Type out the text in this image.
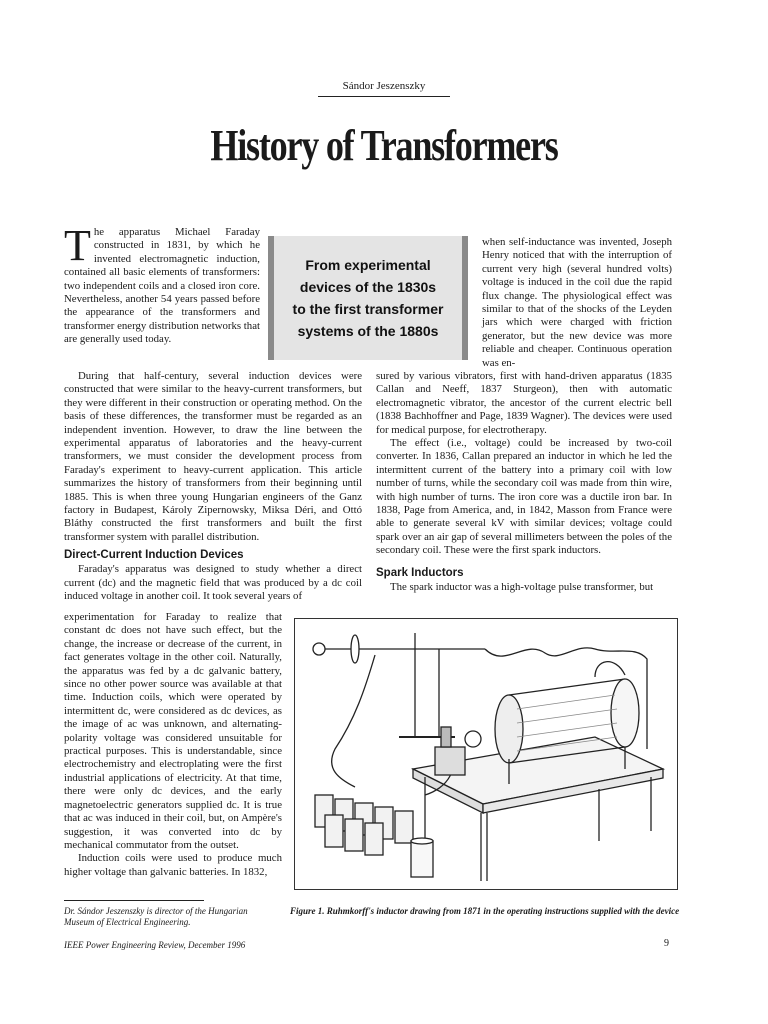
Sándor Jeszenszky
History of Transformers

The apparatus Michael Faraday constructed in 1831, by which he invented electromagnetic induction, contained all basic elements of transformers: two independent coils and a closed iron core. Nevertheless, another 54 years passed before the appearance of the transformers and transformer energy distribution networks that are generally used today.

From experimental
devices of the 1830s
to the first transformer
systems of the 1880s

when self-inductance was invented, Joseph Henry noticed that with the interruption of current very high (several hundred volts) voltage is induced in the coil due the rapid flux change. The physiological effect was similar to that of the shocks of the Leyden jars which were charged with friction generator, but the new device was more reliable and cheaper. Continuous operation was en-

During that half-century, several induction devices were constructed that were similar to the heavy-current transformers, but they were different in their construction or operating method. On the basis of these differences, the transformer must be regarded as an independent invention. However, to draw the line between the experimental apparatus of laboratories and the heavy-current transformers, we must consider the development process from Faraday's experiment to heavy-current application. This article summarizes the history of transformers from their beginning until 1885. This is when three young Hungarian engineers of the Ganz factory in Budapest, Károly Zipernowsky, Miksa Déri, and Ottó Bláthy constructed the first transformers and built the first transformer system with parallel distribution.

Direct-Current Induction Devices

Faraday's apparatus was designed to study whether a direct current (dc) and the magnetic field that was produced by a dc coil induced voltage in another coil. It took several years of

experimentation for Faraday to realize that constant dc does not have such effect, but the change, the increase or decrease of the current, in fact generates voltage in the other coil. Naturally, the apparatus was fed by a dc galvanic battery, since no other power source was available at that time. Induction coils, which were operated by intermittent dc, were considered as dc devices, as the image of ac was unknown, and alternating-polarity voltage was considered unsuitable for practical purposes. This is understandable, since electrochemistry and electroplating were the first industrial applications of electricity. At that time, there were only dc devices, and the early magnetoelectric generators supplied dc. It is true that ac was induced in their coil, but, on Ampère's suggestion, it was converted into dc by mechanical commutator from the outset.

Induction coils were used to produce much higher voltage than galvanic batteries. In 1832,

sured by various vibrators, first with hand-driven apparatus (1835 Callan and Neeff, 1837 Sturgeon), then with automatic electromagnetic vibrator, the ancestor of the current electric bell (1838 Bachhoffner and Page, 1839 Wagner). The devices were used for medical purpose, for electrotherapy.

The effect (i.e., voltage) could be increased by two-coil converter. In 1836, Callan prepared an inductor in which he led the intermittent current of the battery into a primary coil with low number of turns, while the secondary coil was made from thin wire, with high number of turns. The iron core was a ductile iron bar. In 1838, Page from America, and, in 1842, Masson from France were able to generate several kV with similar devices; voltage could spark over an air gap of several millimeters between the poles of the secondary coil. These were the first spark inductors.

Spark Inductors

The spark inductor was a high-voltage pulse transformer, but

Dr. Sándor Jeszenszky is director of the Hungarian Museum of Electrical Engineering.
Figure 1. Ruhmkorff's inductor drawing from 1871 in the operating instructions supplied with the device
IEEE Power Engineering Review, December 1996	9
